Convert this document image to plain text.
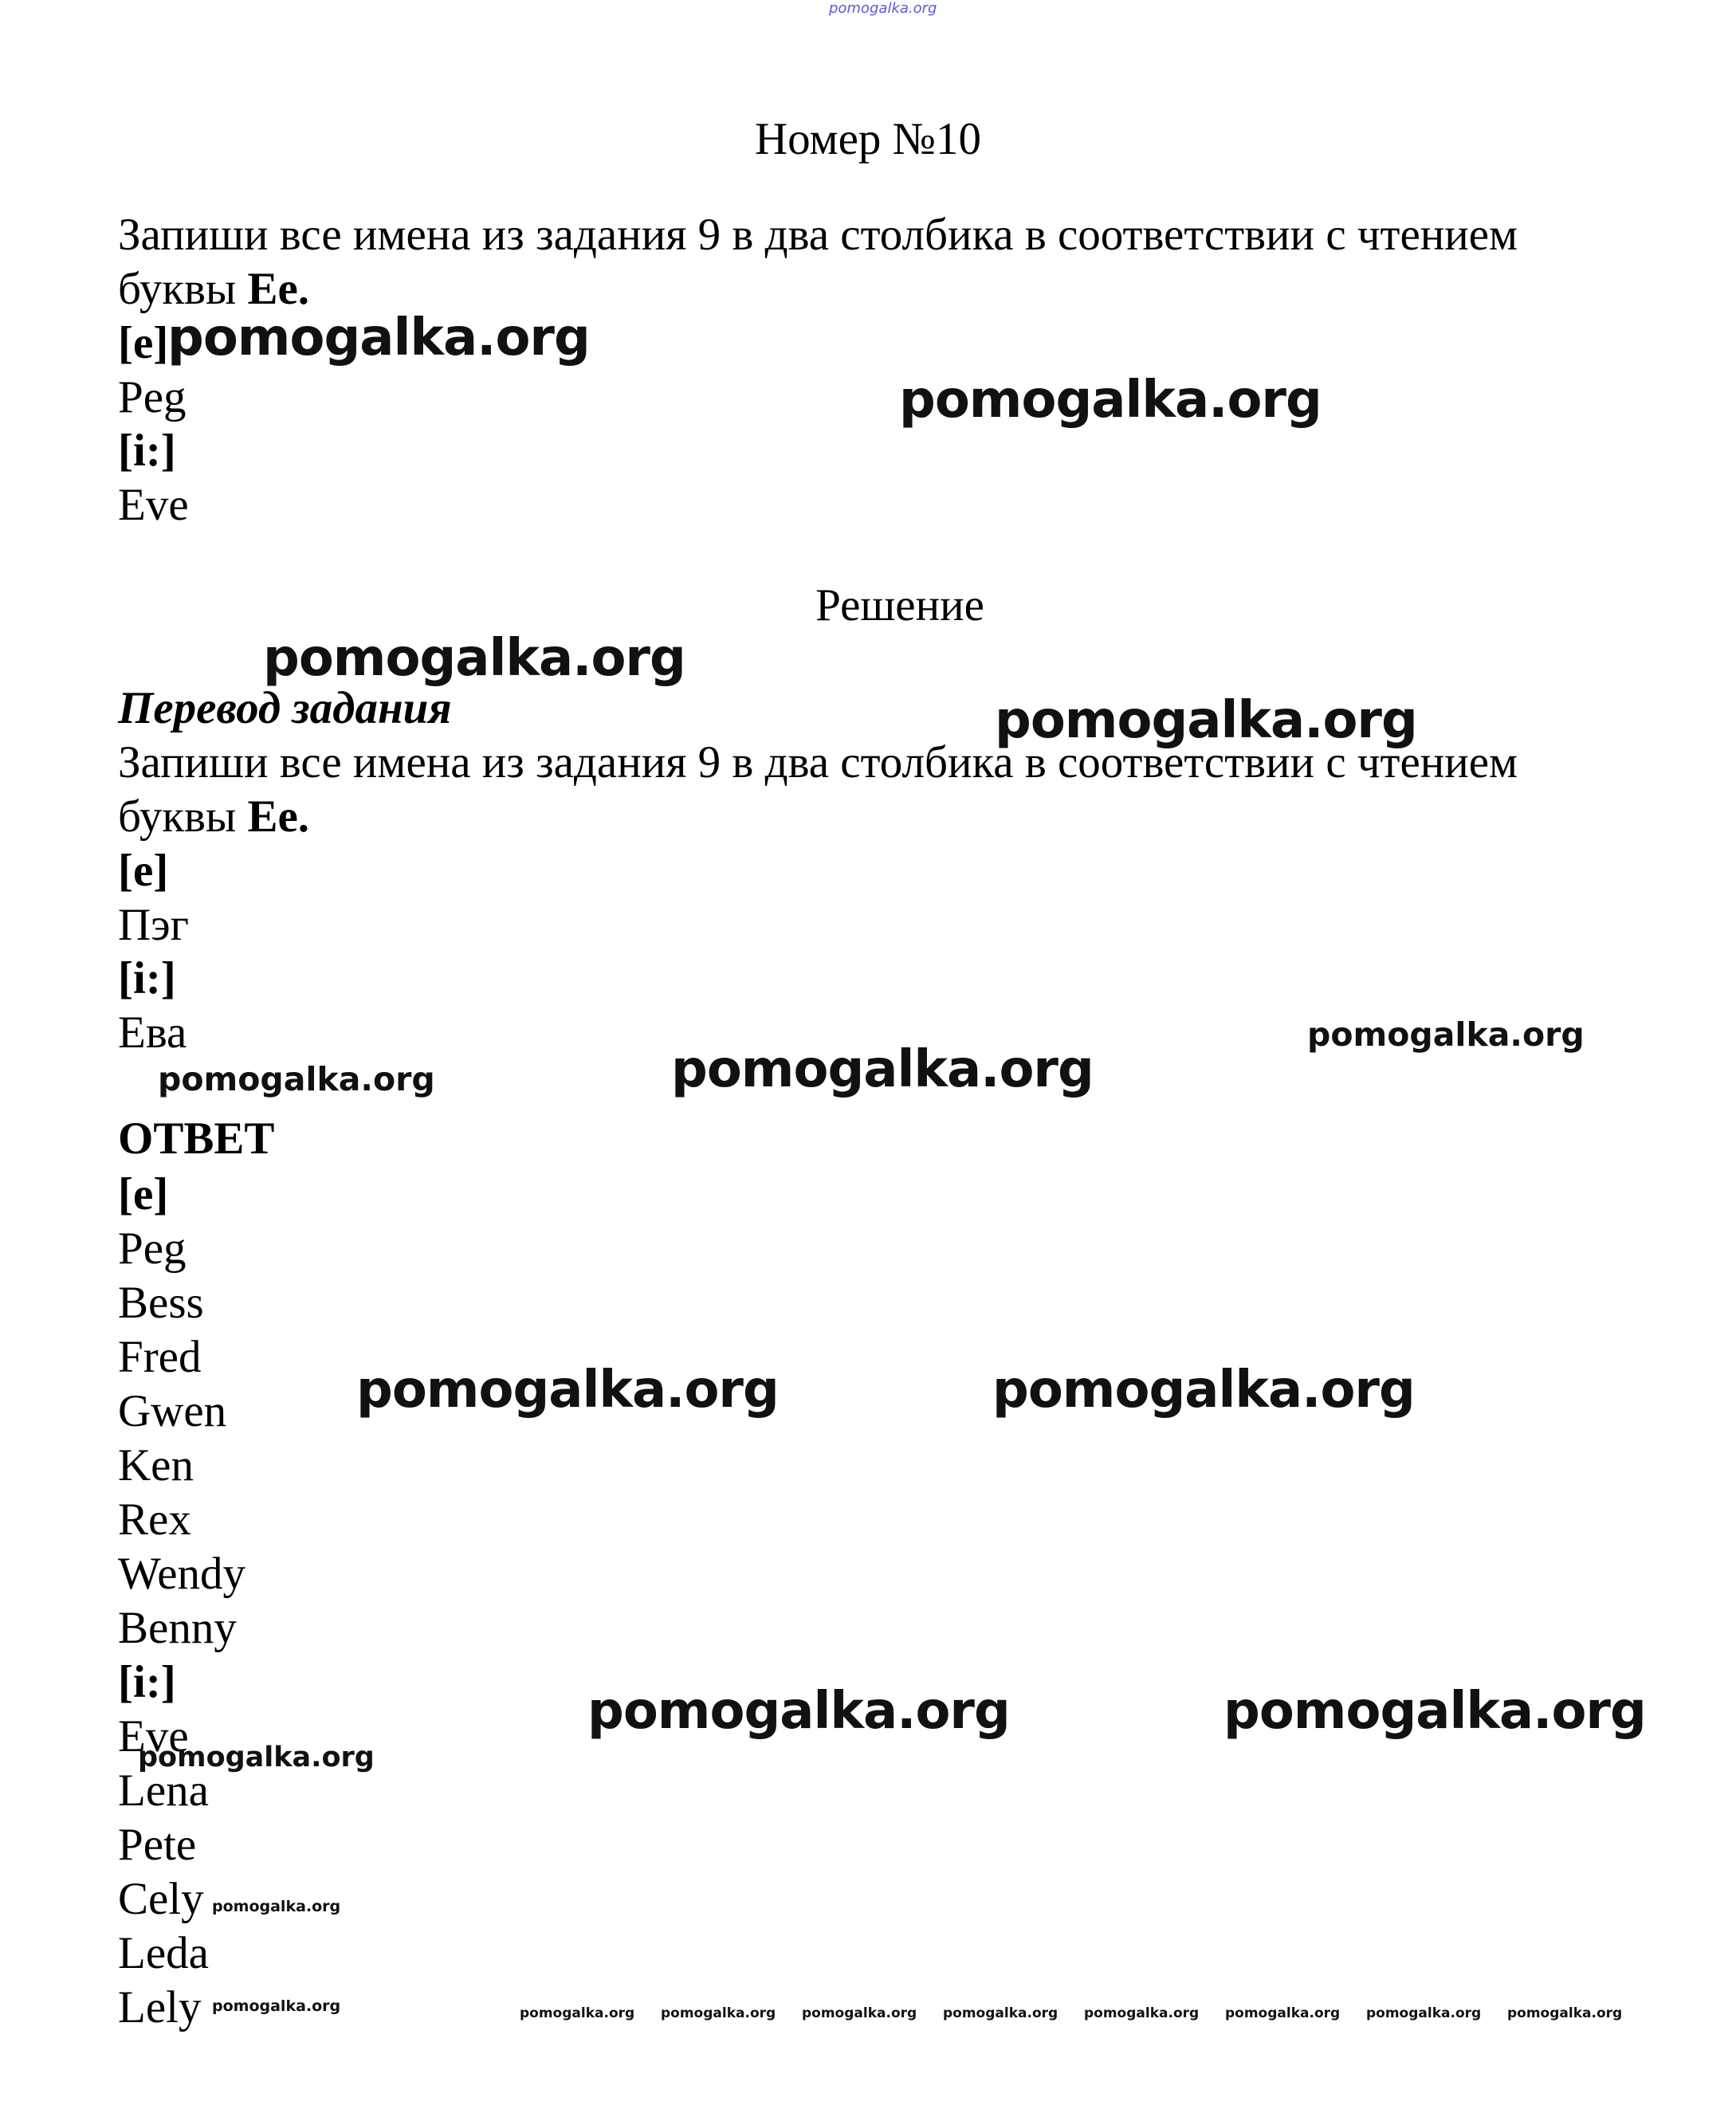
pomogalka.org
Номер №10
Запиши все имена из задания 9 в два столбика в соответствии с чтением
буквы Ee.
[e]
Peg
[i:]
Eve
Решение
Перевод задания
Запиши все имена из задания 9 в два столбика в соответствии с чтением
буквы Ee.
[e]
Пэг
[i:]
Ева
ОТВЕТ
[e]
Peg
Bess
Fred
Gwen
Ken
Rex
Wendy
Benny
[i:]
Eve
Lena
Pete
Cely
Leda
Lely
pomogalka.org
pomogalka.org
pomogalka.org
pomogalka.org
pomogalka.org
pomogalka.org
pomogalka.org
pomogalka.org	pomogalka.org
pomogalka.org	pomogalka.org
pomogalka.org
pomogalka.org
pomogalka.org	pomogalka.org pomogalka.org pomogalka.org pomogalka.org pomogalka.org pomogalka.org pomogalka.org pomogalka.org
